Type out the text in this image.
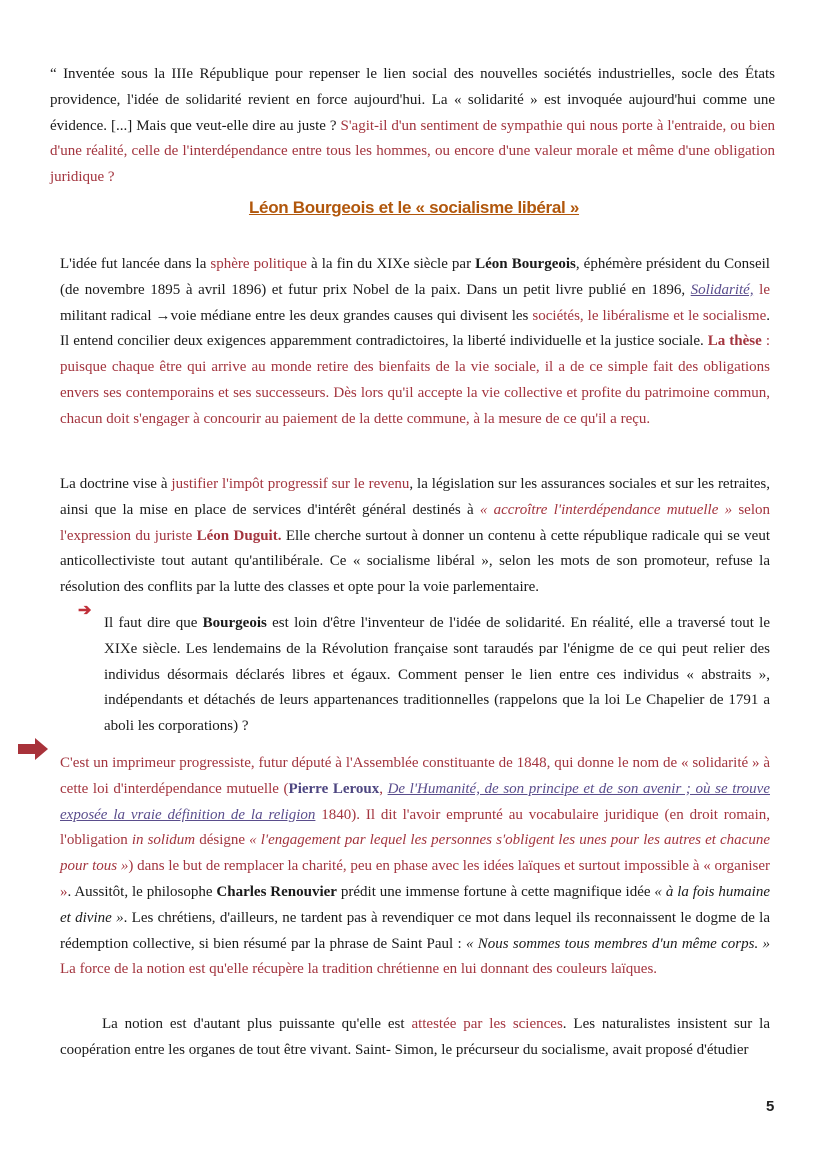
“ Inventée sous la IIIe République pour repenser le lien social des nouvelles sociétés industrielles, socle des États providence, l'idée de solidarité revient en force aujourd'hui. La « solidarité » est invoquée aujourd'hui comme une évidence. [...] Mais que veut-elle dire au juste ? S'agit-il d'un sentiment de sympathie qui nous porte à l'entraide, ou bien d'une réalité, celle de l'interdépendance entre tous les hommes, ou encore d'une valeur morale et même d'une obligation juridique ?

Léon Bourgeois et le « socialisme libéral »

L'idée fut lancée dans la sphère politique à la fin du XIXe siècle par Léon Bourgeois, éphémère président du Conseil (de novembre 1895 à avril 1896) et futur prix Nobel de la paix. Dans un petit livre publié en 1896, Solidarité, le militant radical →voie médiane entre les deux grandes causes qui divisent les sociétés, le libéralisme et le socialisme. Il entend concilier deux exigences apparemment contradictoires, la liberté individuelle et la justice sociale. La thèse : puisque chaque être qui arrive au monde retire des bienfaits de la vie sociale, il a de ce simple fait des obligations envers ses contemporains et ses successeurs. Dès lors qu'il accepte la vie collective et profite du patrimoine commun, chacun doit s'engager à concourir au paiement de la dette commune, à la mesure de ce qu'il a reçu.

La doctrine vise à justifier l'impôt progressif sur le revenu, la législation sur les assurances sociales et sur les retraites, ainsi que la mise en place de services d'intérêt général destinés à « accroître l'interdépendance mutuelle » selon l'expression du juriste Léon Duguit. Elle cherche surtout à donner un contenu à cette république radicale qui se veut anticollectiviste tout autant qu'antilibérale. Ce « socialisme libéral », selon les mots de son promoteur, refuse la résolution des conflits par la lutte des classes et opte pour la voie parlementaire.

➔

Il faut dire que Bourgeois est loin d'être l'inventeur de l'idée de solidarité. En réalité, elle a traversé tout le XIXe siècle. Les lendemains de la Révolution française sont taraudés par l'énigme de ce qui peut relier des individus désormais déclarés libres et égaux. Comment penser le lien entre ces individus « abstraits », indépendants et détachés de leurs appartenances traditionnelles (rappelons que la loi Le Chapelier de 1791 a aboli les corporations) ?

C'est un imprimeur progressiste, futur député à l'Assemblée constituante de 1848, qui donne le nom de « solidarité » à cette loi d'interdépendance mutuelle (Pierre Leroux, De l'Humanité, de son principe et de son avenir ; où se trouve exposée la vraie définition de la religion 1840). Il dit l'avoir emprunté au vocabulaire juridique (en droit romain, l'obligation in solidum désigne « l'engagement par lequel les personnes s'obligent les unes pour les autres et chacune pour tous ») dans le but de remplacer la charité, peu en phase avec les idées laïques et surtout impossible à « organiser ». Aussitôt, le philosophe Charles Renouvier prédit une immense fortune à cette magnifique idée « à la fois humaine et divine ». Les chrétiens, d'ailleurs, ne tardent pas à revendiquer ce mot dans lequel ils reconnaissent le dogme de la rédemption collective, si bien résumé par la phrase de Saint Paul : « Nous sommes tous membres d'un même corps. » La force de la notion est qu'elle récupère la tradition chrétienne en lui donnant des couleurs laïques.

La notion est d'autant plus puissante qu'elle est attestée par les sciences. Les naturalistes insistent sur la coopération entre les organes de tout être vivant. Saint- Simon, le précurseur du socialisme, avait proposé d'étudier

5
